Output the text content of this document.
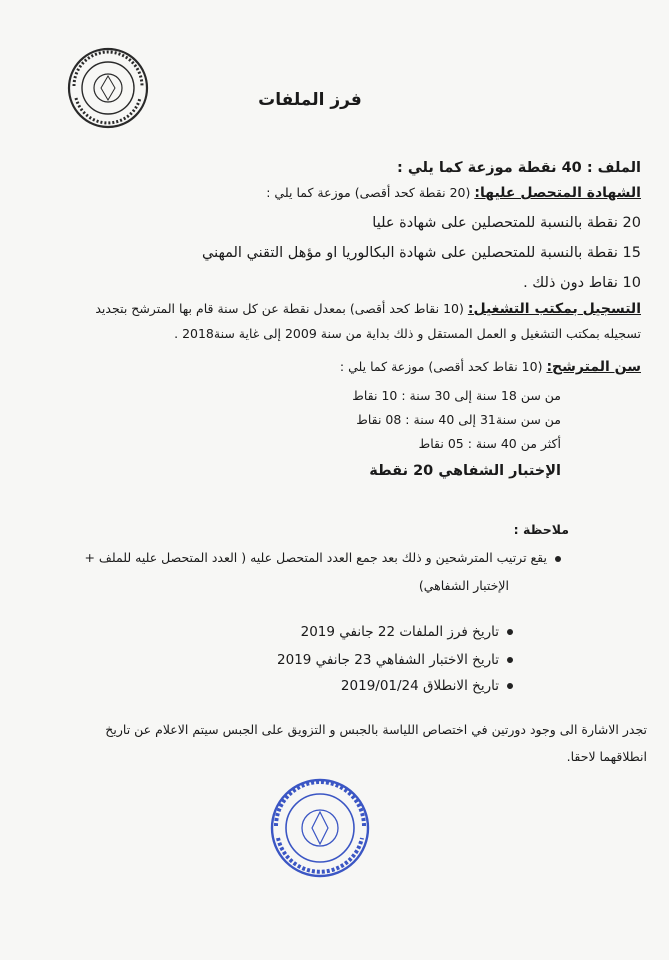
فرز الملفات
الملف : 40 نقطة موزعة كما يلي :
الشهادة المتحصل عليها: (20 نقطة كحد أقصى) موزعة كما يلي :
20 نقطة بالنسبة للمتحصلين على شهادة عليا
15 نقطة بالنسبة للمتحصلين على شهادة البكالوريا او مؤهل التقني المهني
10 نقاط دون ذلك .
التسجيل بمكتب التشغيل: (10 نقاط كحد أقصى) بمعدل نقطة عن كل سنة قام بها المترشح بتجديد
تسجيله بمكتب التشغيل و العمل المستقل و ذلك بداية من سنة 2009 إلى غاية سنة2018 .
سن المترشح: (10 نقاط كحد أقصى) موزعة كما يلي :
من سن 18 سنة إلى 30 سنة : 10 نقاط
من سن سنة31 إلى 40 سنة : 08 نقاط
أكثر من 40 سنة : 05 نقاط
الإختبار الشفاهي 20 نقطة
ملاحظة :
يقع ترتيب المترشحين و ذلك بعد جمع العدد المتحصل عليه ( العدد المتحصل عليه للملف +
الإختبار الشفاهي)
تاريخ فرز الملفات 22 جانفي 2019
تاريخ الاختبار الشفاهي 23 جانفي 2019
تاريخ الانطلاق 2019/01/24
تجدر الاشارة الى وجود دورتين في اختصاص اللياسة بالجبس و التزويق على الجبس سيتم الاعلام عن تاريخ انطلاقهما لاحقا.
